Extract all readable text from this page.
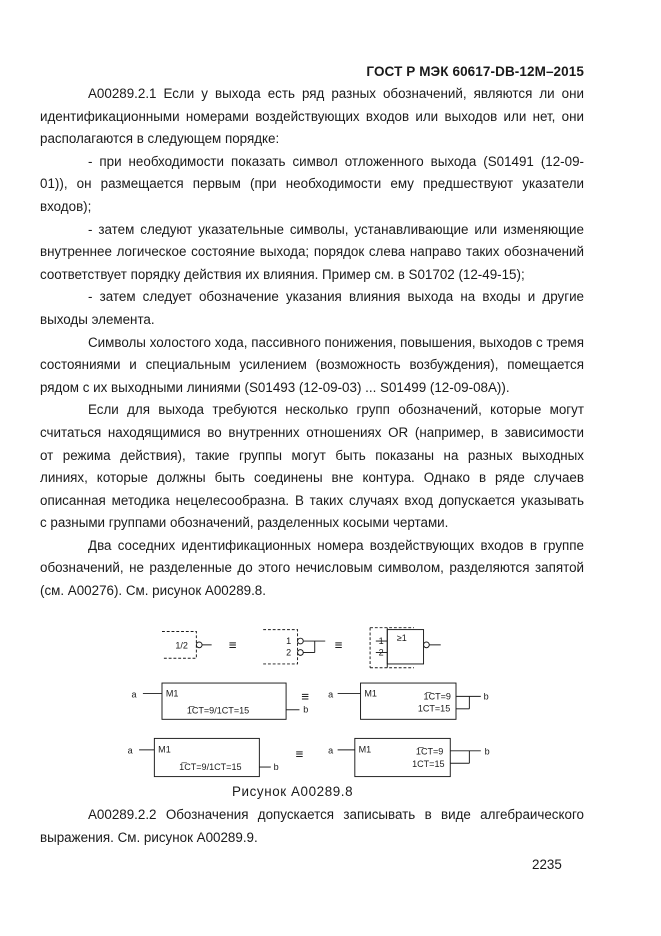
ГОСТ Р МЭК 60617-DB-12M–2015
A00289.2.1 Если у выхода есть ряд разных обозначений, являются ли они
идентификационными номерами воздействующих входов или выходов или нет, они
располагаются в следующем порядке:
- при необходимости показать символ отложенного выхода (S01491 (12-09-
01)), он размещается первым (при необходимости ему предшествуют указатели
входов);
- затем следуют указательные символы, устанавливающие или изменяющие
внутреннее логическое состояние выхода; порядок слева направо таких обозначений
соответствует порядку действия их влияния. Пример см. в S01702 (12-49-15);
- затем следует обозначение указания влияния выхода на входы и другие
выходы элемента.
Символы холостого хода, пассивного понижения, повышения, выходов с тремя
состояниями и специальным усилением (возможность возбуждения), помещается
рядом с их выходными линиями (S01493 (12-09-03) ... S01499 (12-09-08A)).
Если для выхода требуются несколько групп обозначений, которые могут
считаться находящимися во внутренних отношениях OR (например, в зависимости
от режима действия), такие группы могут быть показаны на разных выходных
линиях, которые должны быть соединены вне контура. Однако в ряде случаев
описанная методика нецелесообразна. В таких случаях вход допускается указывать
с разными группами обозначений, разделенных косыми чертами.
Два соседних идентификационных номера воздействующих входов в группе
обозначений, не разделенные до этого нечисловым символом, разделяются запятой
(см. A00276). См. рисунок A00289.8.
1/2	≡	1
2	≡	≥1
1
2
a	M1
1̅CT=9/1CT=15	b
≡ a	M1	1̅CT=9
1CT=15
b
a	M1
1̅CT=9/1CT=15	b
≡	a	M1	1̅CT=9
1CT=15
b
Рисунок A00289.8
A00289.2.2 Обозначения допускается записывать в виде алгебраического
выражения. См. рисунок A00289.9.
2235
